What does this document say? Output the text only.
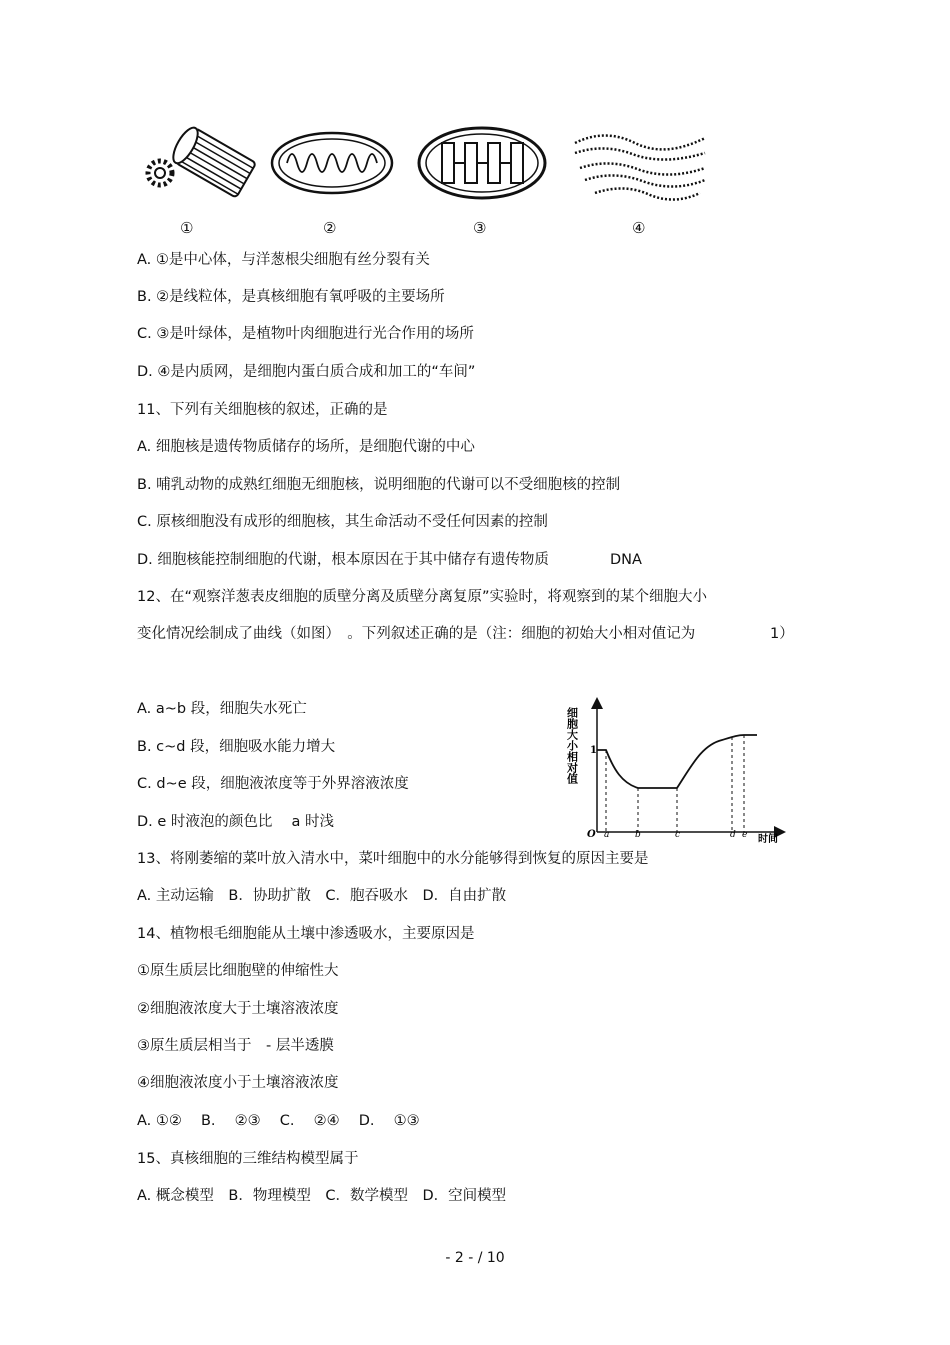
①	②	③	④
A. ①是中心体，与洋葱根尖细胞有丝分裂有关
B. ②是线粒体，是真核细胞有氧呼吸的主要场所
C. ③是叶绿体，是植物叶肉细胞进行光合作用的场所
D. ④是内质网，是细胞内蛋白质合成和加工的“车间”
11、下列有关细胞核的叙述，正确的是
A. 细胞核是遗传物质储存的场所，是细胞代谢的中心
B. 哺乳动物的成熟红细胞无细胞核，说明细胞的代谢可以不受细胞核的控制
C. 原核细胞没有成形的细胞核，其生命活动不受任何因素的控制
D. 细胞核能控制细胞的代谢，根本原因在于其中储存有遗传物质	DNA
12、在“观察洋葱表皮细胞的质壁分离及质壁分离复原”实验时，将观察到的某个细胞大小
变化情况绘制成了曲线（如图）　。下列叙述正确的是（注：细胞的初始大小相对值记为	1）
A. a~b 段，细胞失水死亡
B. c~d 段，细胞吸水能力增大
C. d~e 段，细胞液浓度等于外界溶液浓度
D. e 时液泡的颜色比　 a 时浅
细胞大小相对值
时间
O
1
a	b	c	d e
13、将刚萎缩的菜叶放入清水中，菜叶细胞中的水分能够得到恢复的原因主要是
A. 主动运输　B．协助扩散　C．胞吞吸水　D．自由扩散
14、植物根毛细胞能从土壤中渗透吸水，主要原因是
①原生质层比细胞壁的伸缩性大
②细胞液浓度大于土壤溶液浓度
③原生质层相当于　- 层半透膜
④细胞液浓度小于土壤溶液浓度
A. ①②　 B.　 ②③　 C.　 ②④　 D.　 ①③
15、真核细胞的三维结构模型属于
A. 概念模型　B．物理模型　C．数学模型　D．空间模型
- 2 - / 10
